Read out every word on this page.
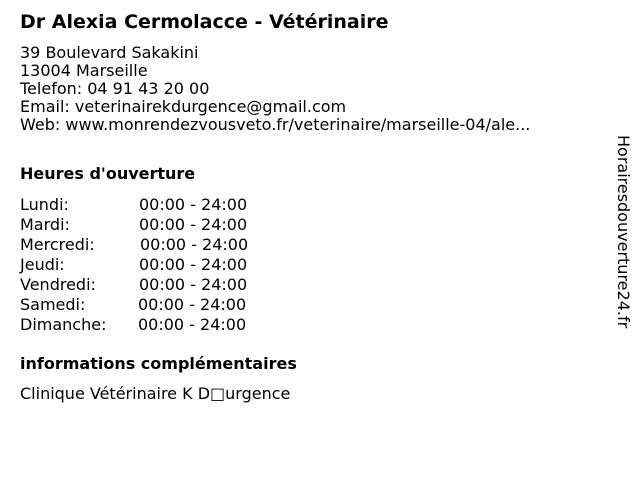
Dr Alexia Cermolacce - Vétérinaire
39 Boulevard Sakakini
13004 Marseille
Telefon: 04 91 43 20 00
Email: veterinairekdurgence@gmail.com
Web: www.monrendezvousveto.fr/veterinaire/marseille-04/ale...
Heures d'ouverture
Lundi:	00:00 - 24:00
Mardi:	00:00 - 24:00
Mercredi:	00:00 - 24:00
Jeudi:	00:00 - 24:00
Vendredi:	00:00 - 24:00
Samedi:	00:00 - 24:00
Dimanche: 00:00 - 24:00
informations complémentaires
Clinique Vétérinaire K D□urgence
Horairesdouverture24.fr
